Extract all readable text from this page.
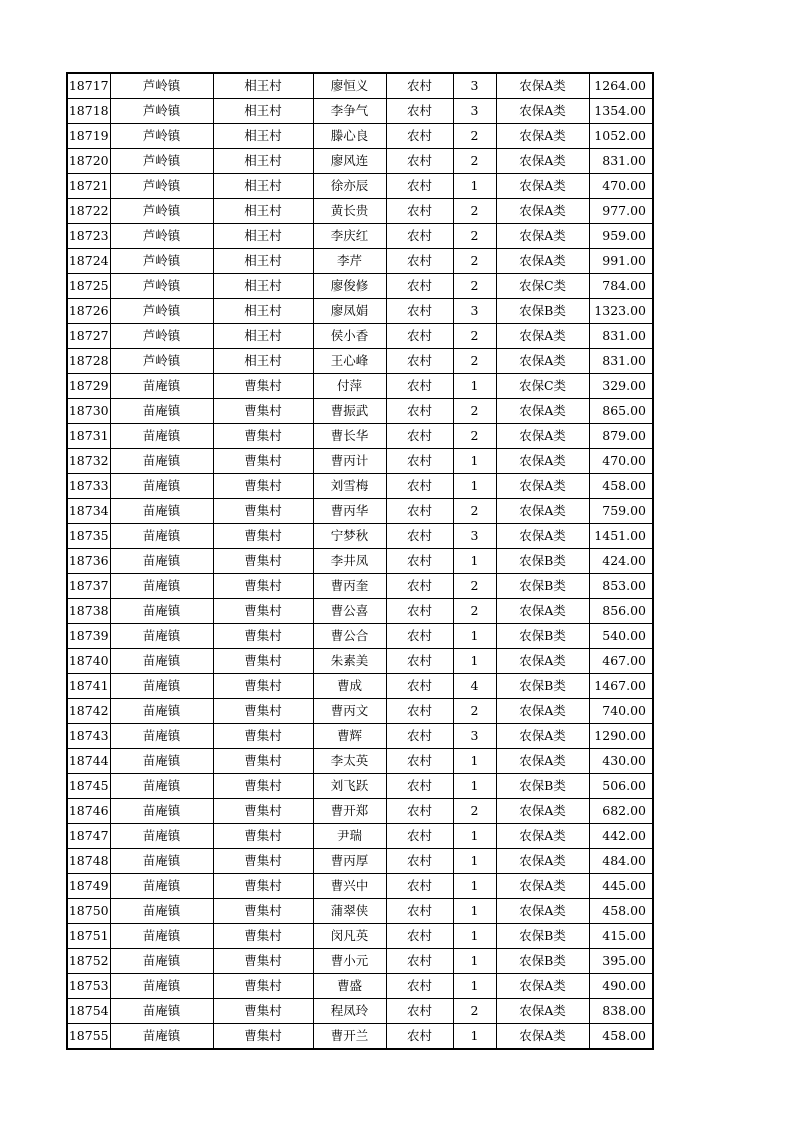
18717	芦岭镇	相王村	廖恒义	农村	3	农保A类	1264.00
18718	芦岭镇	相王村	李争气	农村	3	农保A类	1354.00
18719	芦岭镇	相王村	滕心良	农村	2	农保A类	1052.00
18720	芦岭镇	相王村	廖风连	农村	2	农保A类	831.00
18721	芦岭镇	相王村	徐亦辰	农村	1	农保A类	470.00
18722	芦岭镇	相王村	黄长贵	农村	2	农保A类	977.00
18723	芦岭镇	相王村	李庆红	农村	2	农保A类	959.00
18724	芦岭镇	相王村	李芹	农村	2	农保A类	991.00
18725	芦岭镇	相王村	廖俊修	农村	2	农保C类	784.00
18726	芦岭镇	相王村	廖凤娟	农村	3	农保B类	1323.00
18727	芦岭镇	相王村	侯小香	农村	2	农保A类	831.00
18728	芦岭镇	相王村	王心峰	农村	2	农保A类	831.00
18729	苗庵镇	曹集村	付萍	农村	1	农保C类	329.00
18730	苗庵镇	曹集村	曹振武	农村	2	农保A类	865.00
18731	苗庵镇	曹集村	曹长华	农村	2	农保A类	879.00
18732	苗庵镇	曹集村	曹丙计	农村	1	农保A类	470.00
18733	苗庵镇	曹集村	刘雪梅	农村	1	农保A类	458.00
18734	苗庵镇	曹集村	曹丙华	农村	2	农保A类	759.00
18735	苗庵镇	曹集村	宁梦秋	农村	3	农保A类	1451.00
18736	苗庵镇	曹集村	李井凤	农村	1	农保B类	424.00
18737	苗庵镇	曹集村	曹丙奎	农村	2	农保B类	853.00
18738	苗庵镇	曹集村	曹公喜	农村	2	农保A类	856.00
18739	苗庵镇	曹集村	曹公合	农村	1	农保B类	540.00
18740	苗庵镇	曹集村	朱素美	农村	1	农保A类	467.00
18741	苗庵镇	曹集村	曹成	农村	4	农保B类	1467.00
18742	苗庵镇	曹集村	曹丙文	农村	2	农保A类	740.00
18743	苗庵镇	曹集村	曹辉	农村	3	农保A类	1290.00
18744	苗庵镇	曹集村	李太英	农村	1	农保A类	430.00
18745	苗庵镇	曹集村	刘飞跃	农村	1	农保B类	506.00
18746	苗庵镇	曹集村	曹开郑	农村	2	农保A类	682.00
18747	苗庵镇	曹集村	尹瑞	农村	1	农保A类	442.00
18748	苗庵镇	曹集村	曹丙厚	农村	1	农保A类	484.00
18749	苗庵镇	曹集村	曹兴中	农村	1	农保A类	445.00
18750	苗庵镇	曹集村	蒲翠侠	农村	1	农保A类	458.00
18751	苗庵镇	曹集村	闵凡英	农村	1	农保B类	415.00
18752	苗庵镇	曹集村	曹小元	农村	1	农保B类	395.00
18753	苗庵镇	曹集村	曹盛	农村	1	农保A类	490.00
18754	苗庵镇	曹集村	程凤玲	农村	2	农保A类	838.00
18755	苗庵镇	曹集村	曹开兰	农村	1	农保A类	458.00
